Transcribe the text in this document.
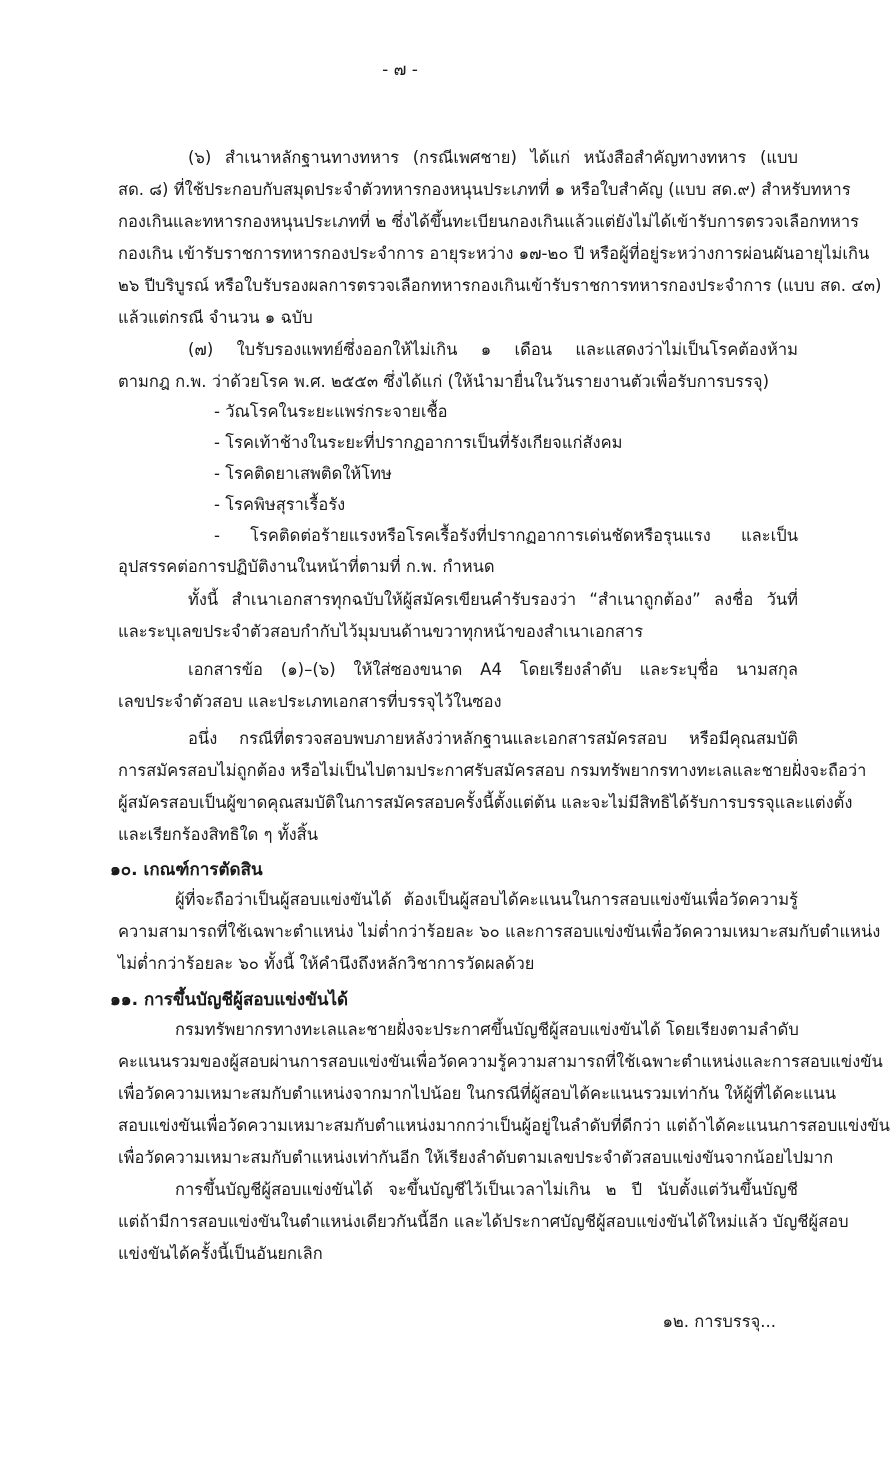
- ๗ -
(๖) สำเนาหลักฐานทางทหาร (กรณีเพศชาย) ได้แก่ หนังสือสำคัญทางทหาร (แบบ
สด. ๘) ที่ใช้ประกอบกับสมุดประจำตัวทหารกองหนุนประเภทที่ ๑ หรือใบสำคัญ (แบบ สด.๙) สำหรับทหาร
กองเกินและทหารกองหนุนประเภทที่ ๒ ซึ่งได้ขึ้นทะเบียนกองเกินแล้วแต่ยังไม่ได้เข้ารับการตรวจเลือกทหาร
กองเกิน เข้ารับราชการทหารกองประจำการ อายุระหว่าง ๑๗-๒๐ ปี หรือผู้ที่อยู่ระหว่างการผ่อนผันอายุไม่เกิน
๒๖ ปีบริบูรณ์ หรือใบรับรองผลการตรวจเลือกทหารกองเกินเข้ารับราชการทหารกองประจำการ (แบบ สด. ๔๓)
แล้วแต่กรณี จำนวน ๑ ฉบับ
(๗) ใบรับรองแพทย์ซึ่งออกให้ไม่เกิน ๑ เดือน และแสดงว่าไม่เป็นโรคต้องห้าม
ตามกฎ ก.พ. ว่าด้วยโรค พ.ศ. ๒๕๕๓ ซึ่งได้แก่ (ให้นำมายื่นในวันรายงานตัวเพื่อรับการบรรจุ)
- วัณโรคในระยะแพร่กระจายเชื้อ
- โรคเท้าช้างในระยะที่ปรากฏอาการเป็นที่รังเกียจแก่สังคม
- โรคติดยาเสพติดให้โทษ
- โรคพิษสุราเรื้อรัง
- โรคติดต่อร้ายแรงหรือโรคเรื้อรังที่ปรากฏอาการเด่นชัดหรือรุนแรง และเป็น
อุปสรรคต่อการปฏิบัติงานในหน้าที่ตามที่ ก.พ. กำหนด
ทั้งนี้ สำเนาเอกสารทุกฉบับให้ผู้สมัครเขียนคำรับรองว่า “สำเนาถูกต้อง” ลงชื่อ วันที่
และระบุเลขประจำตัวสอบกำกับไว้มุมบนด้านขวาทุกหน้าของสำเนาเอกสาร
เอกสารข้อ (๑)–(๖) ให้ใส่ซองขนาด A4 โดยเรียงลำดับ และระบุชื่อ นามสกุล
เลขประจำตัวสอบ และประเภทเอกสารที่บรรจุไว้ในซอง
อนึ่ง กรณีที่ตรวจสอบพบภายหลังว่าหลักฐานและเอกสารสมัครสอบ หรือมีคุณสมบัติ
การสมัครสอบไม่ถูกต้อง หรือไม่เป็นไปตามประกาศรับสมัครสอบ กรมทรัพยากรทางทะเลและชายฝั่งจะถือว่า
ผู้สมัครสอบเป็นผู้ขาดคุณสมบัติในการสมัครสอบครั้งนี้ตั้งแต่ต้น และจะไม่มีสิทธิได้รับการบรรจุและแต่งตั้ง
และเรียกร้องสิทธิใด ๆ ทั้งสิ้น
๑๐. เกณฑ์การตัดสิน
ผู้ที่จะถือว่าเป็นผู้สอบแข่งขันได้ ต้องเป็นผู้สอบได้คะแนนในการสอบแข่งขันเพื่อวัดความรู้
ความสามารถที่ใช้เฉพาะตำแหน่ง ไม่ต่ำกว่าร้อยละ ๖๐ และการสอบแข่งขันเพื่อวัดความเหมาะสมกับตำแหน่ง
ไม่ต่ำกว่าร้อยละ ๖๐ ทั้งนี้ ให้คำนึงถึงหลักวิชาการวัดผลด้วย
๑๑. การขึ้นบัญชีผู้สอบแข่งขันได้
กรมทรัพยากรทางทะเลและชายฝั่งจะประกาศขึ้นบัญชีผู้สอบแข่งขันได้ โดยเรียงตามลำดับ
คะแนนรวมของผู้สอบผ่านการสอบแข่งขันเพื่อวัดความรู้ความสามารถที่ใช้เฉพาะตำแหน่งและการสอบแข่งขัน
เพื่อวัดความเหมาะสมกับตำแหน่งจากมากไปน้อย ในกรณีที่ผู้สอบได้คะแนนรวมเท่ากัน ให้ผู้ที่ได้คะแนน
สอบแข่งขันเพื่อวัดความเหมาะสมกับตำแหน่งมากกว่าเป็นผู้อยู่ในลำดับที่ดีกว่า แต่ถ้าได้คะแนนการสอบแข่งขัน
เพื่อวัดความเหมาะสมกับตำแหน่งเท่ากันอีก ให้เรียงลำดับตามเลขประจำตัวสอบแข่งขันจากน้อยไปมาก
การขึ้นบัญชีผู้สอบแข่งขันได้ จะขึ้นบัญชีไว้เป็นเวลาไม่เกิน ๒ ปี นับตั้งแต่วันขึ้นบัญชี
แต่ถ้ามีการสอบแข่งขันในตำแหน่งเดียวกันนี้อีก และได้ประกาศบัญชีผู้สอบแข่งขันได้ใหม่แล้ว บัญชีผู้สอบ
แข่งขันได้ครั้งนี้เป็นอันยกเลิก
๑๒. การบรรจุ...
